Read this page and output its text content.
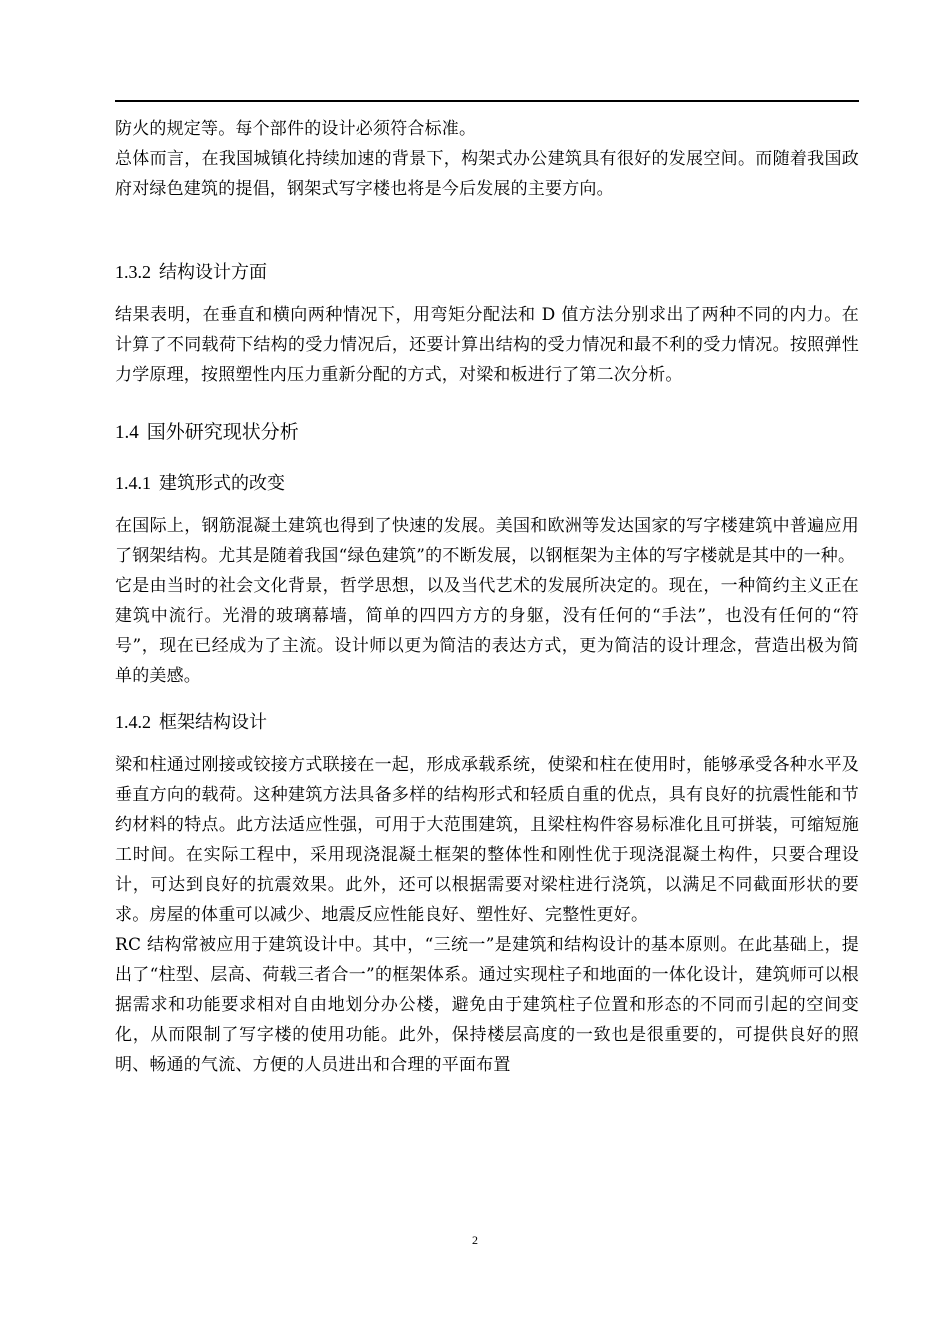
防火的规定等。每个部件的设计必须符合标准。

总体而言，在我国城镇化持续加速的背景下，构架式办公建筑具有很好的发展空间。而随着我国政府对绿色建筑的提倡，钢架式写字楼也将是今后发展的主要方向。

1.3.2 结构设计方面

结果表明，在垂直和横向两种情况下，用弯矩分配法和 D 值方法分别求出了两种不同的内力。在计算了不同载荷下结构的受力情况后，还要计算出结构的受力情况和最不利的受力情况。按照弹性力学原理，按照塑性内压力重新分配的方式，对梁和板进行了第二次分析。

1.4 国外研究现状分析

1.4.1 建筑形式的改变

在国际上，钢筋混凝土建筑也得到了快速的发展。美国和欧洲等发达国家的写字楼建筑中普遍应用了钢架结构。尤其是随着我国“绿色建筑”的不断发展，以钢框架为主体的写字楼就是其中的一种。

它是由当时的社会文化背景，哲学思想，以及当代艺术的发展所决定的。现在，一种简约主义正在建筑中流行。光滑的玻璃幕墙，简单的四四方方的身躯，没有任何的“手法”，也没有任何的“符号”，现在已经成为了主流。设计师以更为简洁的表达方式，更为简洁的设计理念，营造出极为简单的美感。

1.4.2 框架结构设计

梁和柱通过刚接或铰接方式联接在一起，形成承载系统，使梁和柱在使用时，能够承受各种水平及垂直方向的载荷。这种建筑方法具备多样的结构形式和轻质自重的优点，具有良好的抗震性能和节约材料的特点。此方法适应性强，可用于大范围建筑，且梁柱构件容易标准化且可拼装，可缩短施工时间。在实际工程中，采用现浇混凝土框架的整体性和刚性优于现浇混凝土构件，只要合理设计，可达到良好的抗震效果。此外，还可以根据需要对梁柱进行浇筑，以满足不同截面形状的要求。房屋的体重可以减少、地震反应性能良好、塑性好、完整性更好。

RC 结构常被应用于建筑设计中。其中，“三统一”是建筑和结构设计的基本原则。在此基础上，提出了“柱型、层高、荷载三者合一”的框架体系。通过实现柱子和地面的一体化设计，建筑师可以根据需求和功能要求相对自由地划分办公楼，避免由于建筑柱子位置和形态的不同而引起的空间变化，从而限制了写字楼的使用功能。此外，保持楼层高度的一致也是很重要的，可提供良好的照明、畅通的气流、方便的人员进出和合理的平面布置

2
